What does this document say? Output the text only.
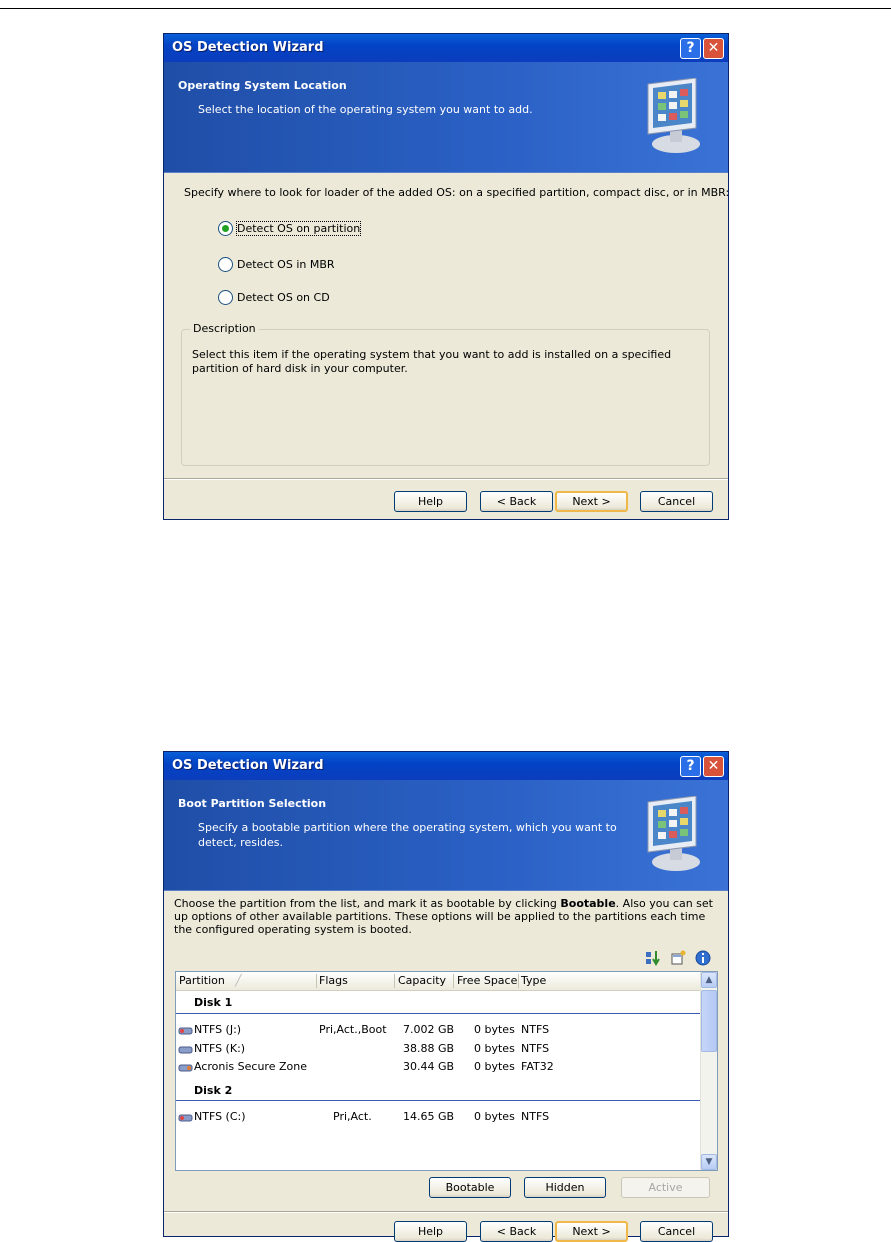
OS Detection Wizard	? ✕
Operating System Location
Select the location of the operating system you want to add.
Specify where to look for loader of the added OS: on a specified partition, compact disc, or in MBR:
Detect OS on partition
Detect OS in MBR
Detect OS on CD
Description
Select this item if the operating system that you want to add is installed on a specified partition of hard disk in your computer.
Help	< Back	Next >	Cancel
OS Detection Wizard	? ✕
Boot Partition Selection
Specify a bootable partition where the operating system, which you want to detect, resides.
Choose the partition from the list, and mark it as bootable by clicking Bootable. Also you can set up options of other available partitions. These options will be applied to the partitions each time the configured operating system is booted.
Partition ╱	Flags	Capacity Free Space Type
Disk 1
NTFS (J:)	Pri,Act.,Boot 7.002 GB 0 bytes NTFS
NTFS (K:)	38.88 GB 0 bytes NTFS
Acronis Secure Zone	30.44 GB 0 bytes FAT32
Disk 2
NTFS (C:)	Pri,Act.	14.65 GB 0 bytes NTFS
▲
▼
Bootable	Hidden	Active
Help	< Back	Next >	Cancel
